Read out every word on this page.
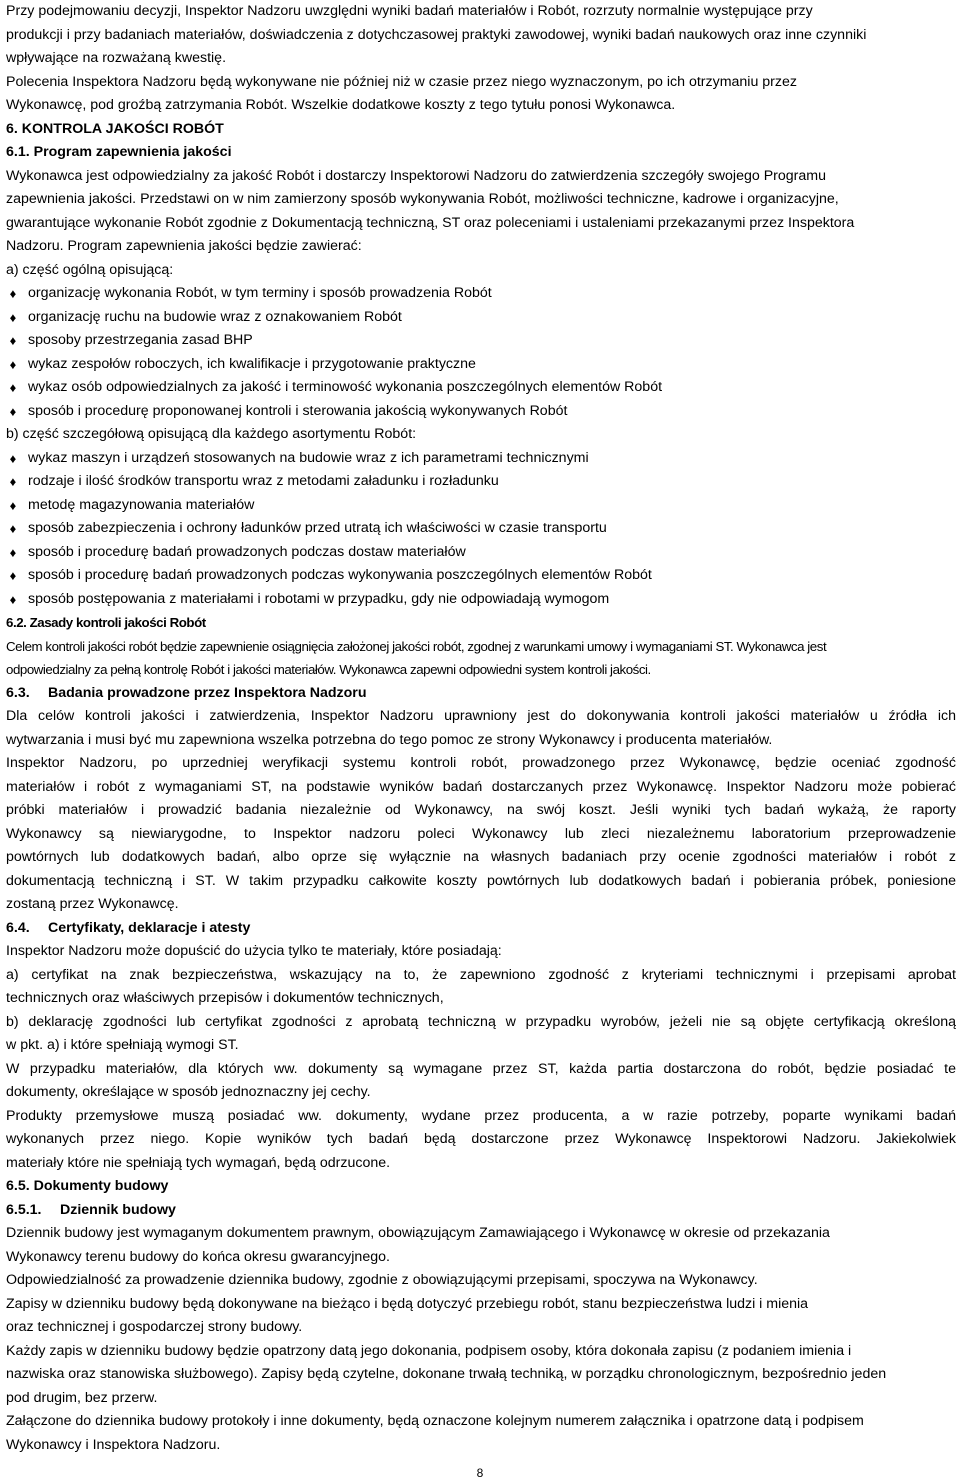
Przy podejmowaniu decyzji, Inspektor Nadzoru uwzględni wyniki badań materiałów i Robót, rozrzuty normalnie występujące przy
produkcji i przy badaniach materiałów, doświadczenia z dotychczasowej praktyki zawodowej, wyniki badań naukowych oraz inne czynniki
wpływające na rozważaną kwestię.
Polecenia Inspektora Nadzoru będą wykonywane nie później niż w czasie przez niego wyznaczonym, po ich otrzymaniu przez
Wykonawcę, pod groźbą zatrzymania Robót. Wszelkie dodatkowe koszty z tego tytułu ponosi Wykonawca.
6. KONTROLA JAKOŚCI ROBÓT
6.1. Program zapewnienia jakości
Wykonawca jest odpowiedzialny za jakość Robót i dostarczy Inspektorowi Nadzoru do zatwierdzenia szczegóły swojego Programu
zapewnienia jakości. Przedstawi on w nim zamierzony sposób wykonywania Robót, możliwości techniczne, kadrowe i organizacyjne,
gwarantujące wykonanie Robót zgodnie z Dokumentacją techniczną, ST oraz poleceniami i ustaleniami przekazanymi przez Inspektora
Nadzoru. Program zapewnienia jakości będzie zawierać:
a) część ogólną opisującą:
♦ organizację wykonania Robót, w tym terminy i sposób prowadzenia Robót
♦ organizację ruchu na budowie wraz z oznakowaniem Robót
♦ sposoby przestrzegania zasad BHP
♦ wykaz zespołów roboczych, ich kwalifikacje i przygotowanie praktyczne
♦ wykaz osób odpowiedzialnych za jakość i terminowość wykonania poszczególnych elementów Robót
♦ sposób i procedurę proponowanej kontroli i sterowania jakością wykonywanych Robót
b) część szczegółową opisującą dla każdego asortymentu Robót:
♦ wykaz maszyn i urządzeń stosowanych na budowie wraz z ich parametrami technicznymi
♦ rodzaje i ilość środków transportu wraz z metodami załadunku i rozładunku
♦ metodę magazynowania materiałów
♦ sposób zabezpieczenia i ochrony ładunków przed utratą ich właściwości w czasie transportu
♦ sposób i procedurę badań prowadzonych podczas dostaw materiałów
♦ sposób i procedurę badań prowadzonych podczas wykonywania poszczególnych elementów Robót
♦ sposób postępowania z materiałami i robotami w przypadku, gdy nie odpowiadają wymogom
6.2. Zasady kontroli jakości Robót
Celem kontroli jakości robót będzie zapewnienie osiągnięcia założonej jakości robót, zgodnej z warunkami umowy i wymaganiami ST. Wykonawca jest
odpowiedzialny za pełną kontrolę Robót i jakości materiałów. Wykonawca zapewni odpowiedni system kontroli jakości.
6.3. Badania prowadzone przez Inspektora Nadzoru
Dla celów kontroli jakości i zatwierdzenia, Inspektor Nadzoru uprawniony jest do dokonywania kontroli jakości materiałów u źródła ich
wytwarzania i musi być mu zapewniona wszelka potrzebna do tego pomoc ze strony Wykonawcy i producenta materiałów.
Inspektor Nadzoru, po uprzedniej weryfikacji systemu kontroli robót, prowadzonego przez Wykonawcę, będzie oceniać zgodność
materiałów i robót z wymaganiami ST, na podstawie wyników badań dostarczanych przez Wykonawcę. Inspektor Nadzoru może pobierać
próbki materiałów i prowadzić badania niezależnie od Wykonawcy, na swój koszt. Jeśli wyniki tych badań wykażą, że raporty
Wykonawcy są niewiarygodne, to Inspektor nadzoru poleci Wykonawcy lub zleci niezależnemu laboratorium przeprowadzenie
powtórnych lub dodatkowych badań, albo oprze się wyłącznie na własnych badaniach przy ocenie zgodności materiałów i robót z
dokumentacją techniczną i ST. W takim przypadku całkowite koszty powtórnych lub dodatkowych badań i pobierania próbek, poniesione
zostaną przez Wykonawcę.
6.4. Certyfikaty, deklaracje i atesty
Inspektor Nadzoru może dopuścić do użycia tylko te materiały, które posiadają:
a) certyfikat na znak bezpieczeństwa, wskazujący na to, że zapewniono zgodność z kryteriami technicznymi i przepisami aprobat
technicznych oraz właściwych przepisów i dokumentów technicznych,
b) deklarację zgodności lub certyfikat zgodności z aprobatą techniczną w przypadku wyrobów, jeżeli nie są objęte certyfikacją określoną
w pkt. a) i które spełniają wymogi ST.
W przypadku materiałów, dla których ww. dokumenty są wymagane przez ST, każda partia dostarczona do robót, będzie posiadać te
dokumenty, określające w sposób jednoznaczny jej cechy.
Produkty przemysłowe muszą posiadać ww. dokumenty, wydane przez producenta, a w razie potrzeby, poparte wynikami badań
wykonanych przez niego. Kopie wyników tych badań będą dostarczone przez Wykonawcę Inspektorowi Nadzoru. Jakiekolwiek
materiały które nie spełniają tych wymagań, będą odrzucone.
6.5. Dokumenty budowy
6.5.1. Dziennik budowy
Dziennik budowy jest wymaganym dokumentem prawnym, obowiązującym Zamawiającego i Wykonawcę w okresie od przekazania
Wykonawcy terenu budowy do końca okresu gwarancyjnego.
Odpowiedzialność za prowadzenie dziennika budowy, zgodnie z obowiązującymi przepisami, spoczywa na Wykonawcy.
Zapisy w dzienniku budowy będą dokonywane na bieżąco i będą dotyczyć przebiegu robót, stanu bezpieczeństwa ludzi i mienia
oraz technicznej i gospodarczej strony budowy.
Każdy zapis w dzienniku budowy będzie opatrzony datą jego dokonania, podpisem osoby, która dokonała zapisu (z podaniem imienia i
nazwiska oraz stanowiska służbowego). Zapisy będą czytelne, dokonane trwałą techniką, w porządku chronologicznym, bezpośrednio jeden
pod drugim, bez przerw.
Załączone do dziennika budowy protokoły i inne dokumenty, będą oznaczone kolejnym numerem załącznika i opatrzone datą i podpisem
Wykonawcy i Inspektora Nadzoru.
8
